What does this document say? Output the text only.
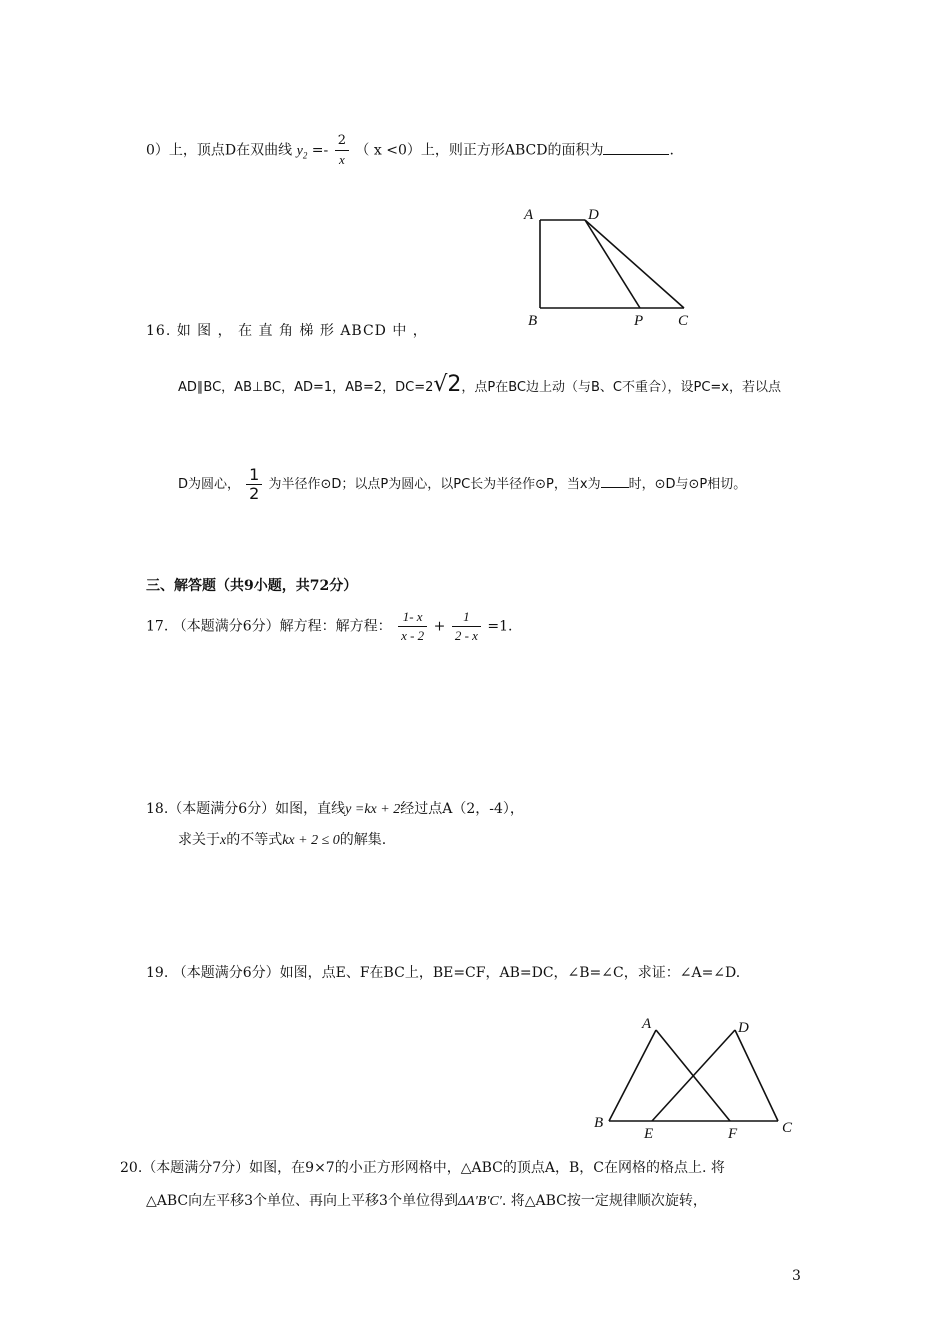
0）上，顶点D在双曲线 $y_2 =- \frac{2}{x}$ （ x <0）上，则正方形ABCD的面积为	.
A	D
B	P C
16. 如 图 ， 在 直 角 梯 形 ABCD 中 ，
AD∥BC，AB⊥BC，AD=1，AB=2，DC=2√2，点P在BC边上动（与B、C不重合），设PC=x，若以点
D为圆心， $\frac{1}{2}$ 为半径作⊙D；以点P为圆心，以PC长为半径作⊙P，当x为 时，⊙D与⊙P相切。
三、解答题（共9小题，共72分）
17. （本题满分6分）解方程：解方程： $\frac{1- x}{x - 2} + \frac{1}{2 - x} =1$.
18.（本题满分6分）如图，直线y =kx + 2经过点A（2，-4），
求关于x的不等式kx + 2 ≤ 0的解集.
19. （本题满分6分）如图，点E、F在BC上，BE=CF，AB=DC，∠B=∠C，求证：∠A=∠D.
A	D
B
E	F	C
20.（本题满分7分）如图，在9×7的小正方形网格中，△ABC的顶点A，B，C在网格的格点上. 将
△ABC向左平移3个单位、再向上平移3个单位得到ΔA′B′C′. 将△ABC按一定规律顺次旋转，
3
